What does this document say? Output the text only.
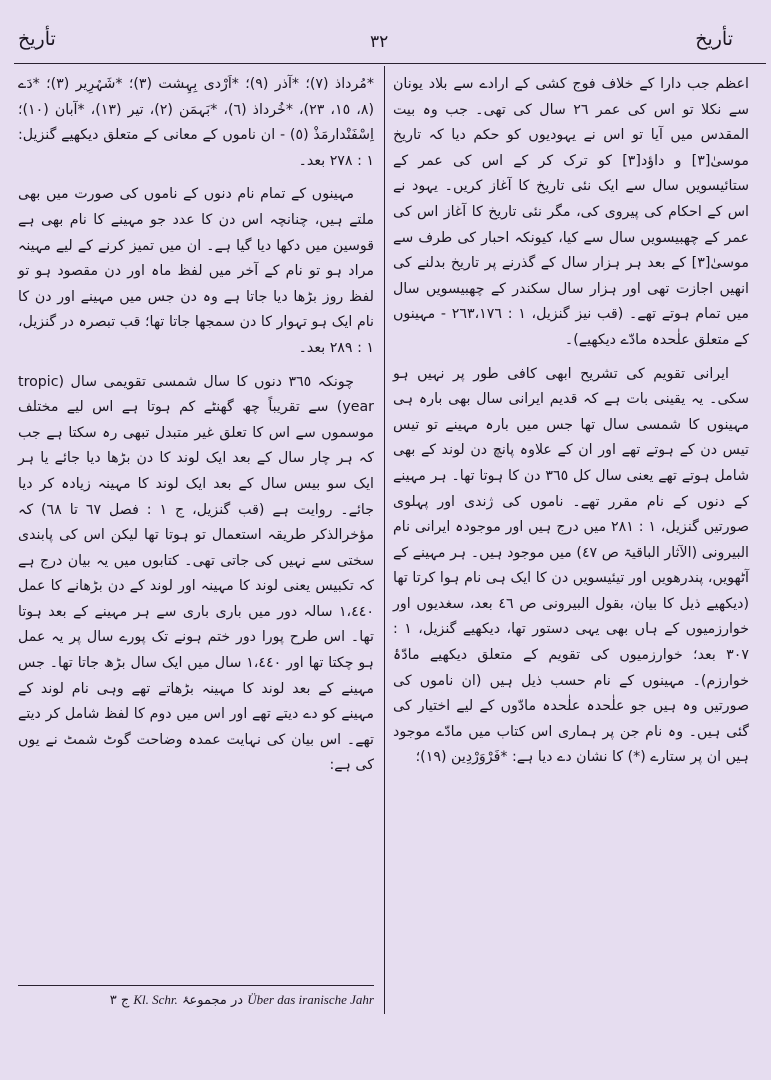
تأریخ
٣٢
تأریخ

اعظم جب دارا کے خلاف فوج کشی کے ارادے سے بلاد یونان سے نکلا تو اس کی عمر ٢٦ سال کی تھی۔ جب وہ بیت المقدس میں آیا تو اس نے یہودیوں کو حکم دیا کہ تاریخ موسیٰ[٣] و داؤد[٣] کو ترک کر کے اس کی عمر کے ستائیسویں سال سے ایک نئی تاریخ کا آغاز کریں۔ یہود نے اس کے احکام کی پیروی کی، مگر نئی تاریخ کا آغاز اس کی عمر کے چھبیسویں سال سے کیا، کیونکہ احبار کی طرف سے موسیٰ[٣] کے بعد ہر ہزار سال کے گذرنے پر تاریخ بدلنے کی انھیں اجازت تھی اور ہزار سال سکندر کے چھبیسویں سال میں تمام ہوتے تھے۔ (قب نیز گنزیل، ١ : ٢٦٣،١٧٦ - مہینوں کے متعلق علٰحدہ مادّے دیکھیے)۔

ایرانی تقویم کی تشریح ابھی کافی طور پر نہیں ہو سکی۔ یہ یقینی بات ہے کہ قدیم ایرانی سال بھی بارہ ہی مہینوں کا شمسی سال تھا جس میں بارہ مہینے تو تیس تیس دن کے ہوتے تھے اور ان کے علاوہ پانچ دن لوند کے بھی شامل ہوتے تھے یعنی سال کل ٣٦٥ دن کا ہوتا تھا۔ ہر مہینے کے دنوں کے نام مقرر تھے۔ ناموں کی ژندی اور پہلوی صورتیں گنزیل، ١ : ٢٨١ میں درج ہیں اور موجودہ ایرانی نام البیرونی (الآثار الباقیۃ ص ٤٧) میں موجود ہیں۔ ہر مہینے کے آٹھویں، پندرھویں اور تیئیسویں دن کا ایک ہی نام ہوا کرتا تھا (دیکھیے ذیل کا بیان، بقول البیرونی ص ٤٦ بعد، سغدیوں اور خوارزمیوں کے ہاں بھی یہی دستور تھا، دیکھیے گنزیل، ١ : ٣٠٧ بعد؛ خوارزمیوں کی تقویم کے متعلق دیکھیے مادّۂ خوارزم)۔ مہینوں کے نام حسب ذیل ہیں (ان ناموں کی صورتیں وہ ہیں جو علٰحدہ علٰحدہ مادّوں کے لیے اختیار کی گئی ہیں۔ وہ نام جن پر ہماری اس کتاب میں مادّے موجود ہیں ان پر ستارے (*) کا نشان دے دیا ہے: *فَرْوَرْدِین (١٩)؛

*مُرداذ (٧)؛ *آذر (٩)؛ *اَرْدی بِہِشت (٣)؛ *شَہْرِیر (٣)؛ *دَے (٨، ١٥، ٢٣)، *خُرداذ (٦)، *بَہمَن (٢)، تیر (١٣)، *آبان (١٠)؛ اِسْفَنْدارمَذْ (٥) - ان ناموں کے معانی کے متعلق دیکھیے گنزیل: ١ : ٢٧٨ بعد۔

مہینوں کے تمام نام دنوں کے ناموں کی صورت میں بھی ملتے ہیں، چنانچہ اس دن کا عدد جو مہینے کا نام بھی ہے قوسین میں دکھا دیا گیا ہے۔ ان میں تمیز کرنے کے لیے مہینہ مراد ہو تو نام کے آخر میں لفظ ماہ اور دن مقصود ہو تو لفظ روز بڑھا دیا جاتا ہے وہ دن جس میں مہینے اور دن کا نام ایک ہو تہوار کا دن سمجھا جاتا تھا؛ قب تبصرہ در گنزیل، ١ : ٢٨٩ بعد۔

چونکہ ٣٦٥ دنوں کا سال شمسی تقویمی سال (tropic year) سے تقریباً چھ گھنٹے کم ہوتا ہے اس لیے مختلف موسموں سے اس کا تعلق غیر متبدل تبھی رہ سکتا ہے جب کہ ہر چار سال کے بعد ایک لوند کا دن بڑھا دیا جائے یا ہر ایک سو بیس سال کے بعد ایک لوند کا مہینہ زیادہ کر دیا جائے۔ روایت ہے (قب گنزیل، ج ١ : فصل ٦٧ تا ٦٨) کہ مؤخرالذکر طریقہ استعمال تو ہوتا تھا لیکن اس کی پابندی سختی سے نہیں کی جاتی تھی۔ کتابوں میں یہ بیان درج ہے کہ تکبیس یعنی لوند کا مہینہ اور لوند کے دن بڑھانے کا عمل ١،٤٤٠ سالہ دور میں باری باری سے ہر مہینے کے بعد ہوتا تھا۔ اس طرح پورا دور ختم ہونے تک پورے سال پر یہ عمل ہو چکتا تھا اور ١،٤٤٠ سال میں ایک سال بڑھ جاتا تھا۔ جس مہینے کے بعد لوند کا مہینہ بڑھاتے تھے وہی نام لوند کے مہینے کو دے دیتے تھے اور اس میں دوم کا لفظ شامل کر دیتے تھے۔ اس بیان کی نہایت عمدہ وضاحت گوٹ شمٹ نے یوں کی ہے:

Über das iranische Jahr در مجموعۂ Kl. Schr. ج ٣
